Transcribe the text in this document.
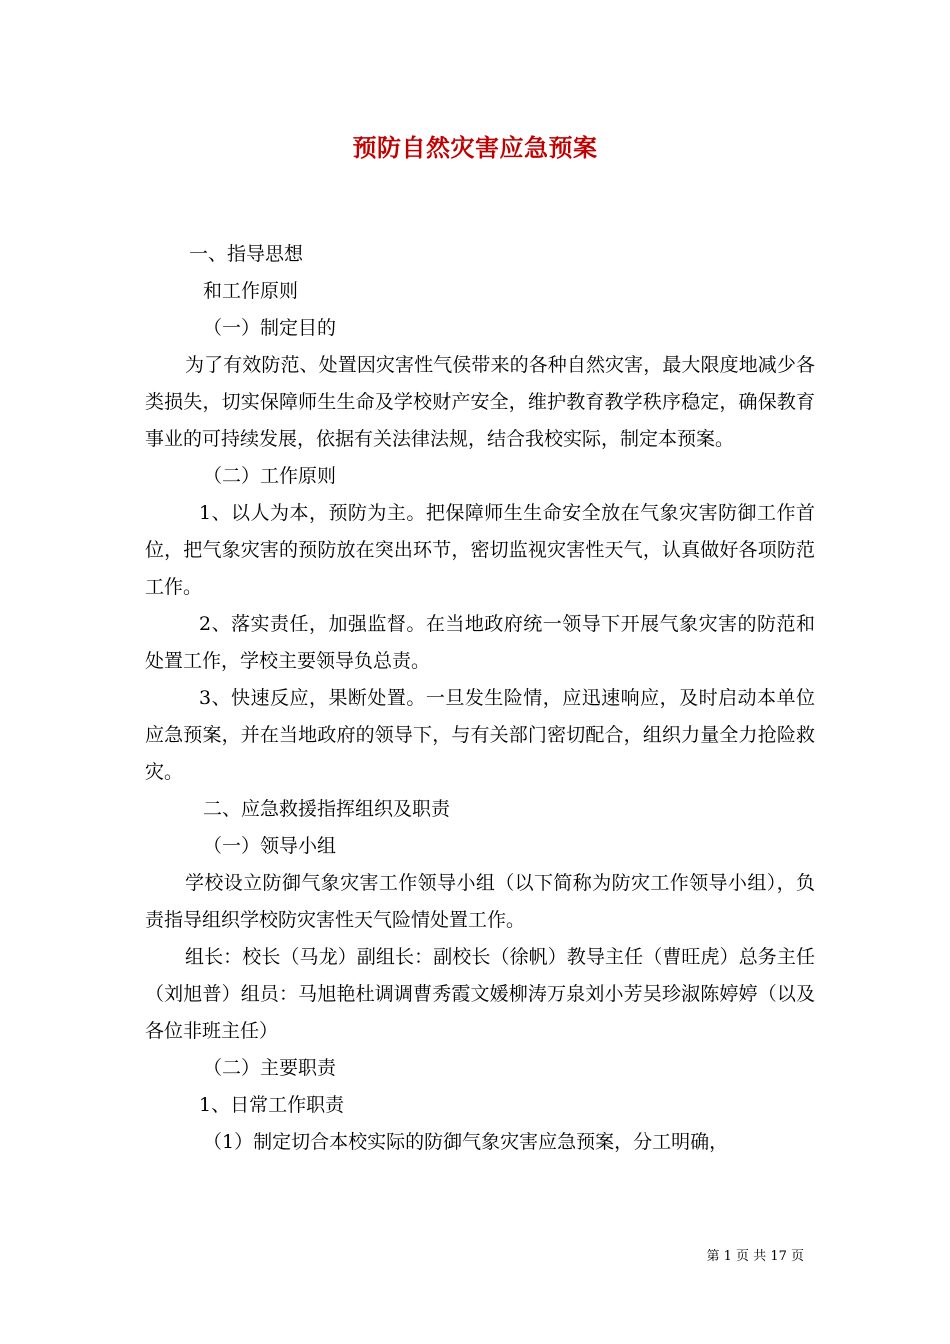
预防自然灾害应急预案

一、指导思想

和工作原则

（一）制定目的

为了有效防范、处置因灾害性气侯带来的各种自然灾害，最大限度地减少各类损失，切实保障师生生命及学校财产安全，维护教育教学秩序稳定，确保教育事业的可持续发展，依据有关法律法规，结合我校实际，制定本预案。

（二）工作原则

1、以人为本，预防为主。把保障师生生命安全放在气象灾害防御工作首位，把气象灾害的预防放在突出环节，密切监视灾害性天气，认真做好各项防范工作。

2、落实责任，加强监督。在当地政府统一领导下开展气象灾害的防范和处置工作，学校主要领导负总责。

3、快速反应，果断处置。一旦发生险情，应迅速响应，及时启动本单位应急预案，并在当地政府的领导下，与有关部门密切配合，组织力量全力抢险救灾。

二、应急救援指挥组织及职责

（一）领导小组

学校设立防御气象灾害工作领导小组（以下简称为防灾工作领导小组），负责指导组织学校防灾害性天气险情处置工作。

组长：校长（马龙）副组长：副校长（徐帆）教导主任（曹旺虎）总务主任（刘旭普）组员：马旭艳杜调调曹秀霞文媛柳涛万泉刘小芳吴珍淑陈婷婷（以及各位非班主任）

（二）主要职责

1、日常工作职责

（1）制定切合本校实际的防御气象灾害应急预案，分工明确，

第 1 页 共 17 页
